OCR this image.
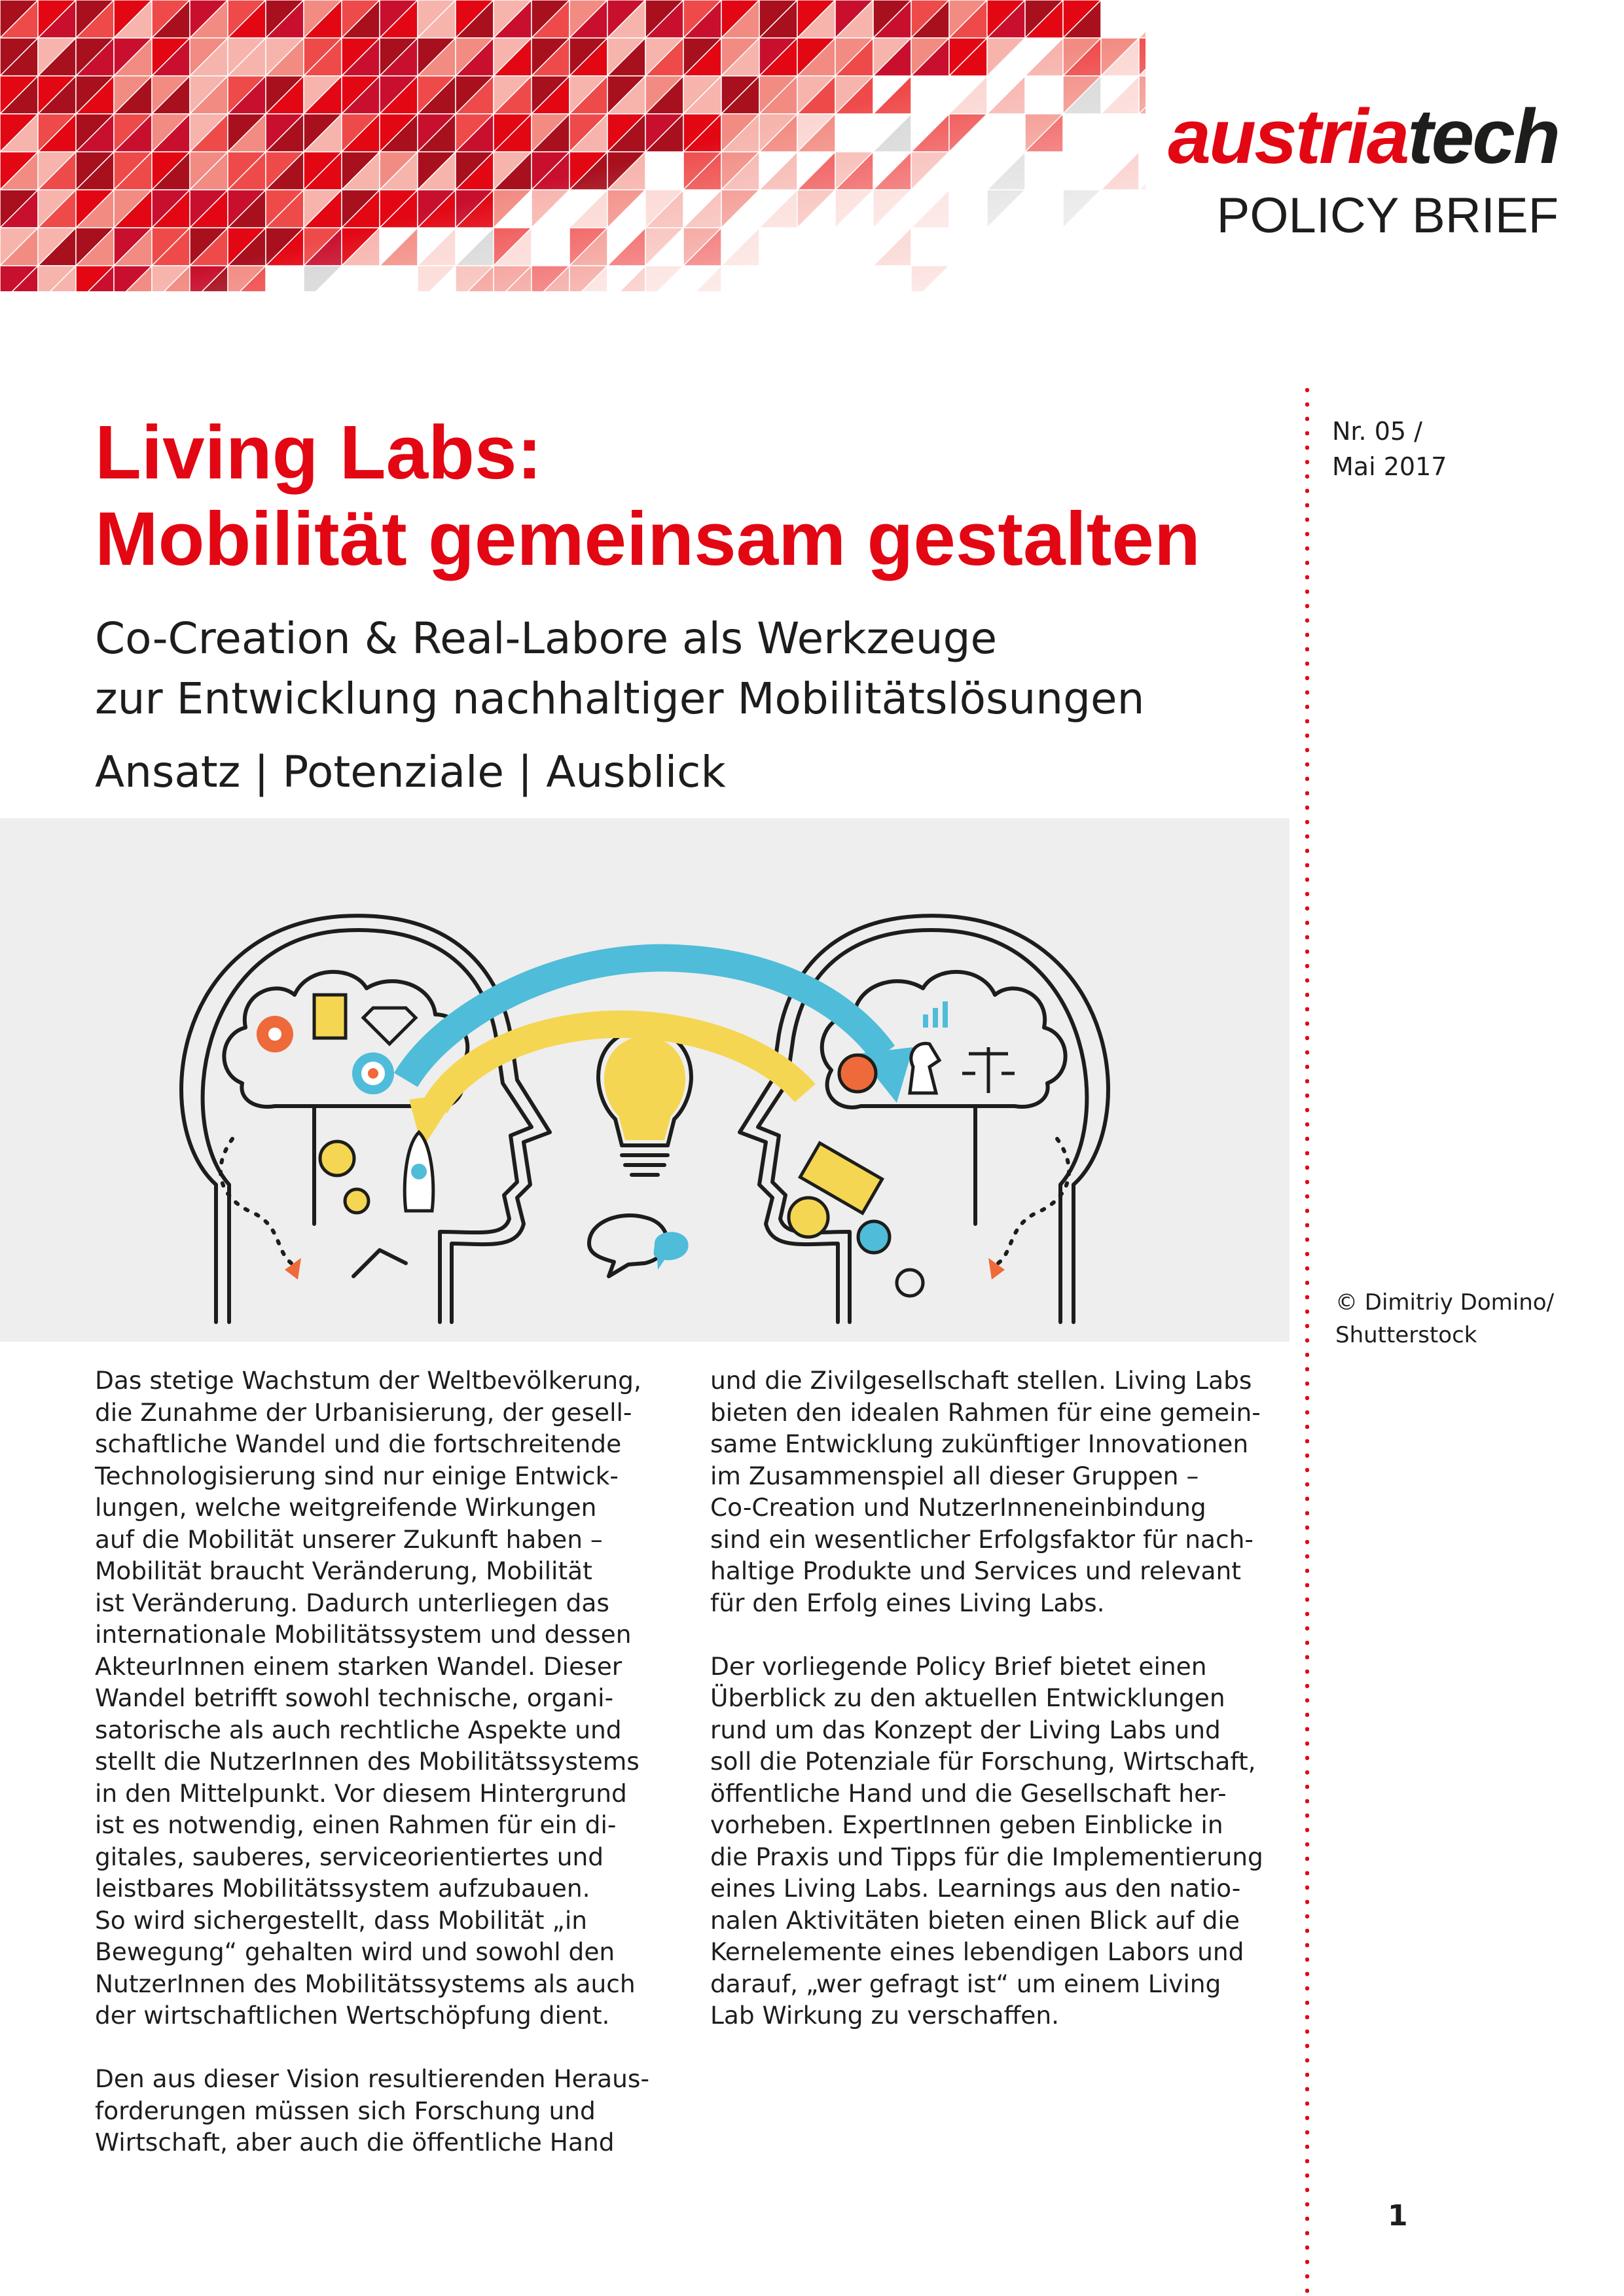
austriatech
POLICY BRIEF
Nr. 05 /
Mai 2017
Living Labs:
Mobilität gemeinsam gestalten
Co-Creation & Real-Labore als Werkzeuge
zur Entwicklung nachhaltiger Mobilitätslösungen
Ansatz | Potenziale | Ausblick
© Dimitriy Domino/
Shutterstock

Das stetige Wachstum der Weltbevölkerung,
die Zunahme der Urbanisierung, der gesell-
schaftliche Wandel und die fortschreitende
Technologisierung sind nur einige Entwick-
lungen, welche weitgreifende Wirkungen
auf die Mobilität unserer Zukunft haben –
Mobilität braucht Veränderung, Mobilität
ist Veränderung. Dadurch unterliegen das
internationale Mobilitätssystem und dessen
AkteurInnen einem starken Wandel. Dieser
Wandel betrifft sowohl technische, organi-
satorische als auch rechtliche Aspekte und
stellt die NutzerInnen des Mobilitätssystems
in den Mittelpunkt. Vor diesem Hintergrund
ist es notwendig, einen Rahmen für ein di-
gitales, sauberes, serviceorientiertes und
leistbares Mobilitätssystem aufzubauen.
So wird sichergestellt, dass Mobilität „in
Bewegung“ gehalten wird und sowohl den
NutzerInnen des Mobilitätssystems als auch
der wirtschaftlichen Wertschöpfung dient.

Den aus dieser Vision resultierenden Heraus-
forderungen müssen sich Forschung und
Wirtschaft, aber auch die öffentliche Hand

und die Zivilgesellschaft stellen. Living Labs
bieten den idealen Rahmen für eine gemein-
same Entwicklung zukünftiger Innovationen
im Zusammenspiel all dieser Gruppen –
Co-Creation und NutzerInneneinbindung
sind ein wesentlicher Erfolgsfaktor für nach-
haltige Produkte und Services und relevant
für den Erfolg eines Living Labs.

Der vorliegende Policy Brief bietet einen
Überblick zu den aktuellen Entwicklungen
rund um das Konzept der Living Labs und
soll die Potenziale für Forschung, Wirtschaft,
öffentliche Hand und die Gesellschaft her-
vorheben. ExpertInnen geben Einblicke in
die Praxis und Tipps für die Implementierung
eines Living Labs. Learnings aus den natio-
nalen Aktivitäten bieten einen Blick auf die
Kernelemente eines lebendigen Labors und
darauf, „wer gefragt ist“ um einem Living
Lab Wirkung zu verschaffen.

1
